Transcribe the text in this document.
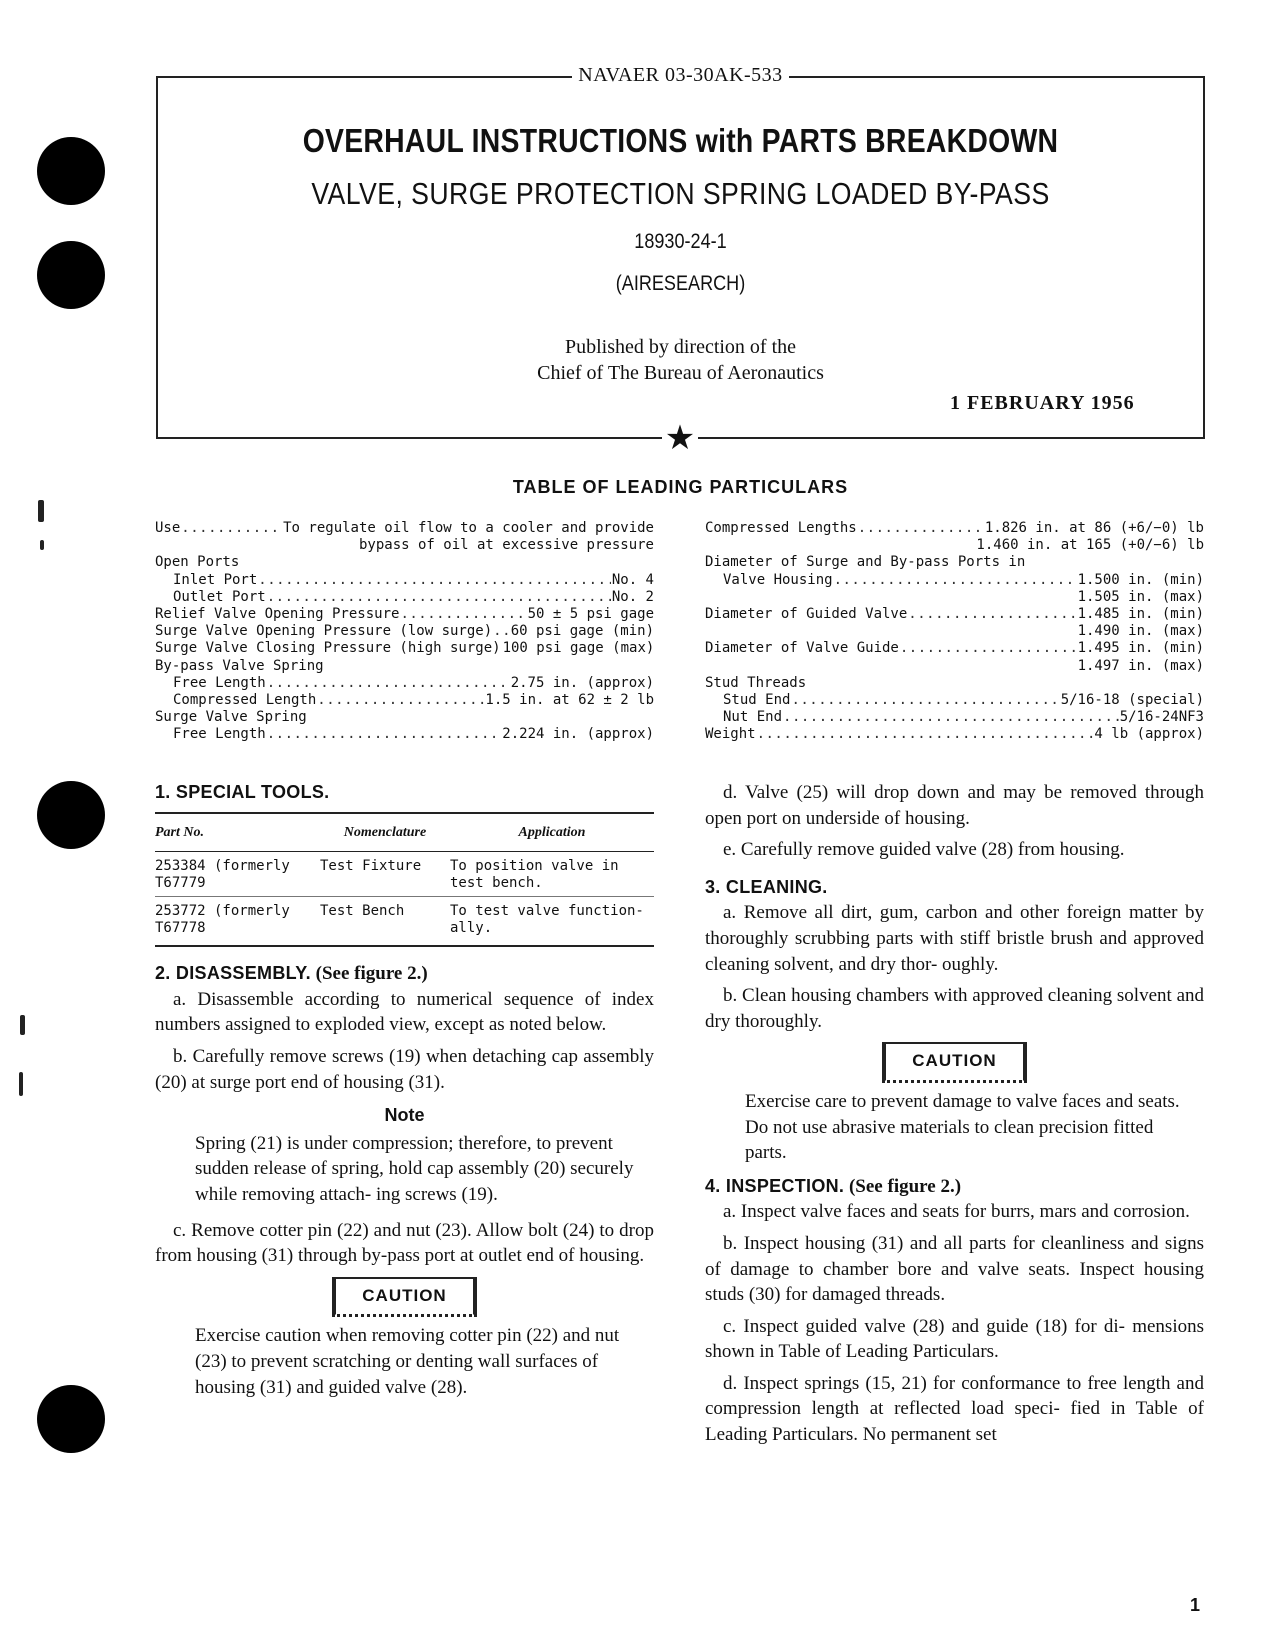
NAVAER 03-30AK-533
OVERHAUL INSTRUCTIONS with PARTS BREAKDOWN
VALVE, SURGE PROTECTION SPRING LOADED BY-PASS
18930-24-1
(AIRESEARCH)
Published by direction of the
Chief of The Bureau of Aeronautics
1 FEBRUARY 1956
★
TABLE OF LEADING PARTICULARS
Use .....	To regulate oil flow to a cooler and provide
bypass of oil at excessive pressure
Open Ports
Inlet Port .....	No. 4
Outlet Port .....	No. 2
Relief Valve Opening Pressure .....	50 ± 5 psi gage
Surge Valve Opening Pressure (low surge) ..... 60 psi gage (min)
Surge Valve Closing Pressure (high surge) 100 psi gage (max)
By-pass Valve Spring
Free Length .....	2.75 in. (approx)
Compressed Length .....	1.5 in. at 62 ± 2 lb
Surge Valve Spring
Free Length .....	2.224 in. (approx)
Compressed Lengths .....	1.826 in. at 86 (+6/−0) lb
1.460 in. at 165 (+0/−6) lb
Diameter of Surge and By-pass Ports in
Valve Housing .....	1.500 in. (min)
1.505 in. (max)
Diameter of Guided Valve .....	1.485 in. (min)
1.490 in. (max)
Diameter of Valve Guide .....	1.495 in. (min)
1.497 in. (max)
Stud Threads
Stud End .....	5/16-18 (special)
Nut End .....	5/16-24NF3
Weight .....	4 lb (approx)
1. SPECIAL TOOLS.
Part No.	Nomenclature	Application
253384 (formerly T67779	Test Fixture	To position valve in test bench.
253772 (formerly T67778	Test Bench	To test valve function- ally.
2. DISASSEMBLY. (See figure 2.)

a. Disassemble according to numerical sequence of index numbers assigned to exploded view, except as noted below.

b. Carefully remove screws (19) when detaching cap assembly (20) at surge port end of housing (31).

Note
Spring (21) is under compression; therefore, to prevent sudden release of spring, hold cap assembly (20) securely while removing attach- ing screws (19).

c. Remove cotter pin (22) and nut (23). Allow bolt (24) to drop from housing (31) through by-pass port at outlet end of housing.

CAUTION
Exercise caution when removing cotter pin (22) and nut (23) to prevent scratching or denting wall surfaces of housing (31) and guided valve (28).

d. Valve (25) will drop down and may be removed through open port on underside of housing.

e. Carefully remove guided valve (28) from housing.

3. CLEANING.

a. Remove all dirt, gum, carbon and other foreign matter by thoroughly scrubbing parts with stiff bristle brush and approved cleaning solvent, and dry thor- oughly.

b. Clean housing chambers with approved cleaning solvent and dry thoroughly.

CAUTION
Exercise care to prevent damage to valve faces and seats. Do not use abrasive materials to clean precision fitted parts.
4. INSPECTION. (See figure 2.)

a. Inspect valve faces and seats for burrs, mars and corrosion.

b. Inspect housing (31) and all parts for cleanliness and signs of damage to chamber bore and valve seats. Inspect housing studs (30) for damaged threads.

c. Inspect guided valve (28) and guide (18) for di- mensions shown in Table of Leading Particulars.

d. Inspect springs (15, 21) for conformance to free length and compression length at reflected load speci- fied in Table of Leading Particulars. No permanent set

1
